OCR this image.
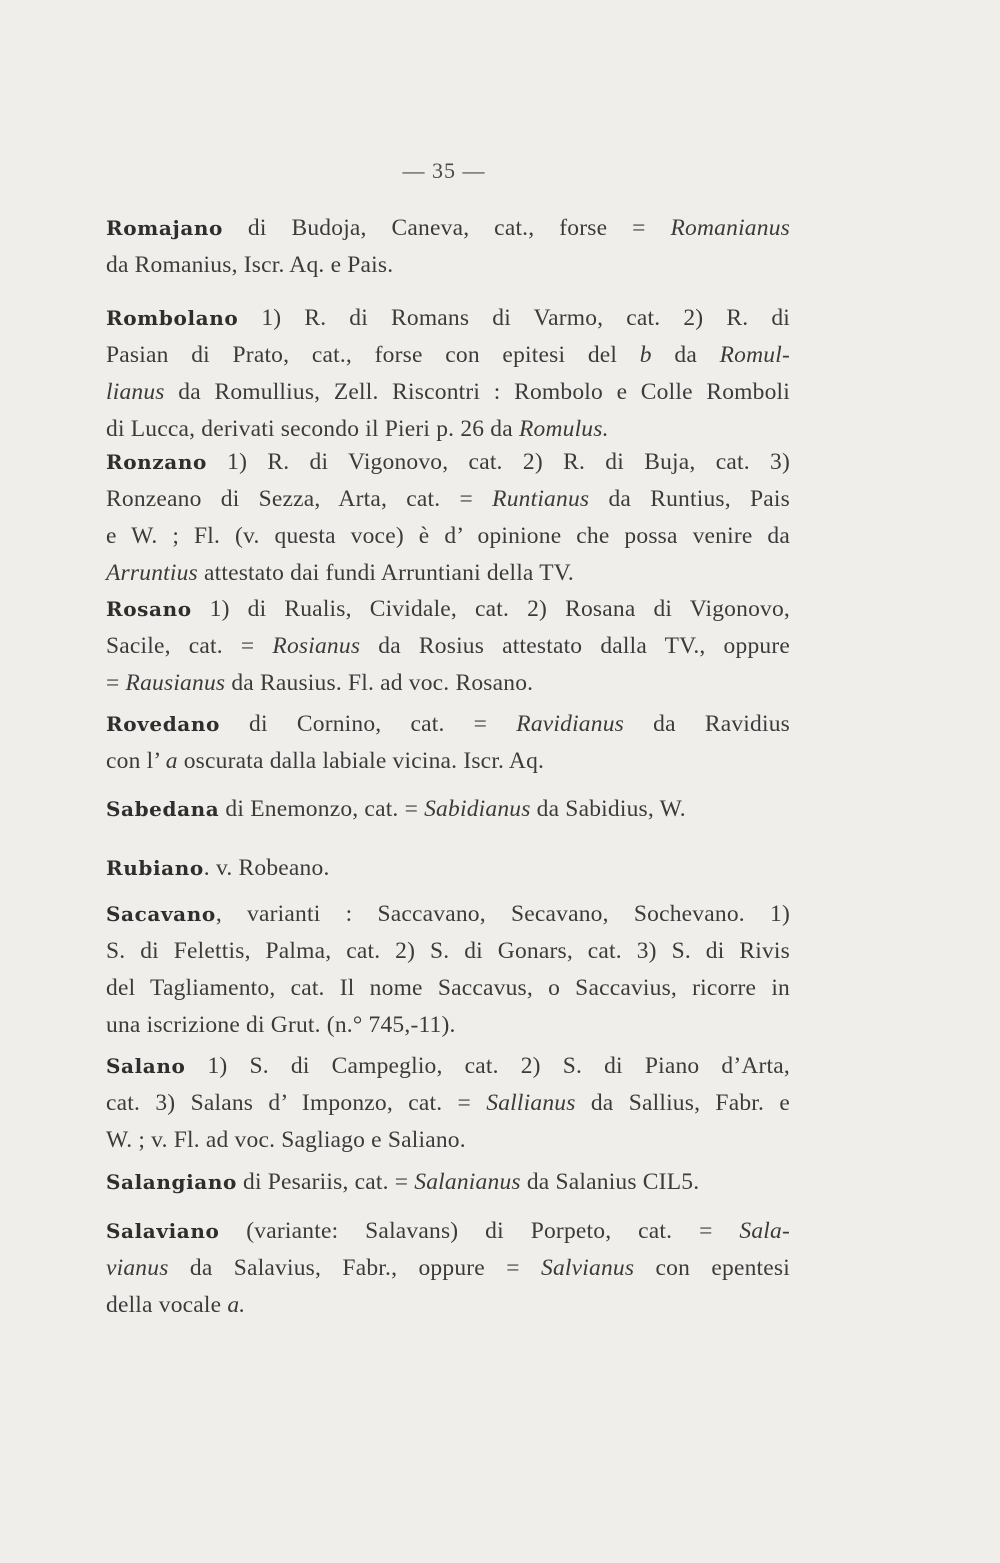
— 35 —
Romajano di Budoja, Caneva, cat., forse = Romanianus
da Romanius, Iscr. Aq. e Pais.
Rombolano 1) R. di Romans di Varmo, cat. 2) R. di
Pasian di Prato, cat., forse con epitesi del b da Romul-
lianus da Romullius, Zell. Riscontri : Rombolo e Colle Romboli
di Lucca, derivati secondo il Pieri p. 26 da Romulus.
Ronzano 1) R. di Vigonovo, cat. 2) R. di Buja, cat. 3)
Ronzeano di Sezza, Arta, cat. = Runtianus da Runtius, Pais
e W. ; Fl. (v. questa voce) è d’ opinione che possa venire da
Arruntius attestato dai fundi Arruntiani della TV.
Rosano 1) di Rualis, Cividale, cat. 2) Rosana di Vigonovo,
Sacile, cat. = Rosianus da Rosius attestato dalla TV., oppure
= Rausianus da Rausius. Fl. ad voc. Rosano.
Rovedano di Cornino, cat. = Ravidianus da Ravidius
con l’ a oscurata dalla labiale vicina. Iscr. Aq.
Sabedana di Enemonzo, cat. = Sabidianus da Sabidius, W.
Rubiano. v. Robeano.
Sacavano, varianti : Saccavano, Secavano, Sochevano. 1)
S. di Felettis, Palma, cat. 2) S. di Gonars, cat. 3) S. di Rivis
del Tagliamento, cat. Il nome Saccavus, o Saccavius, ricorre in
una iscrizione di Grut. (n.° 745,-11).
Salano 1) S. di Campeglio, cat. 2) S. di Piano d’Arta,
cat. 3) Salans d’ Imponzo, cat. = Sallianus da Sallius, Fabr. e
W. ; v. Fl. ad voc. Sagliago e Saliano.
Salangiano di Pesariis, cat. = Salanianus da Salanius CIL5.
Salaviano (variante: Salavans) di Porpeto, cat. = Sala-
vianus da Salavius, Fabr., oppure = Salvianus con epentesi
della vocale a.
